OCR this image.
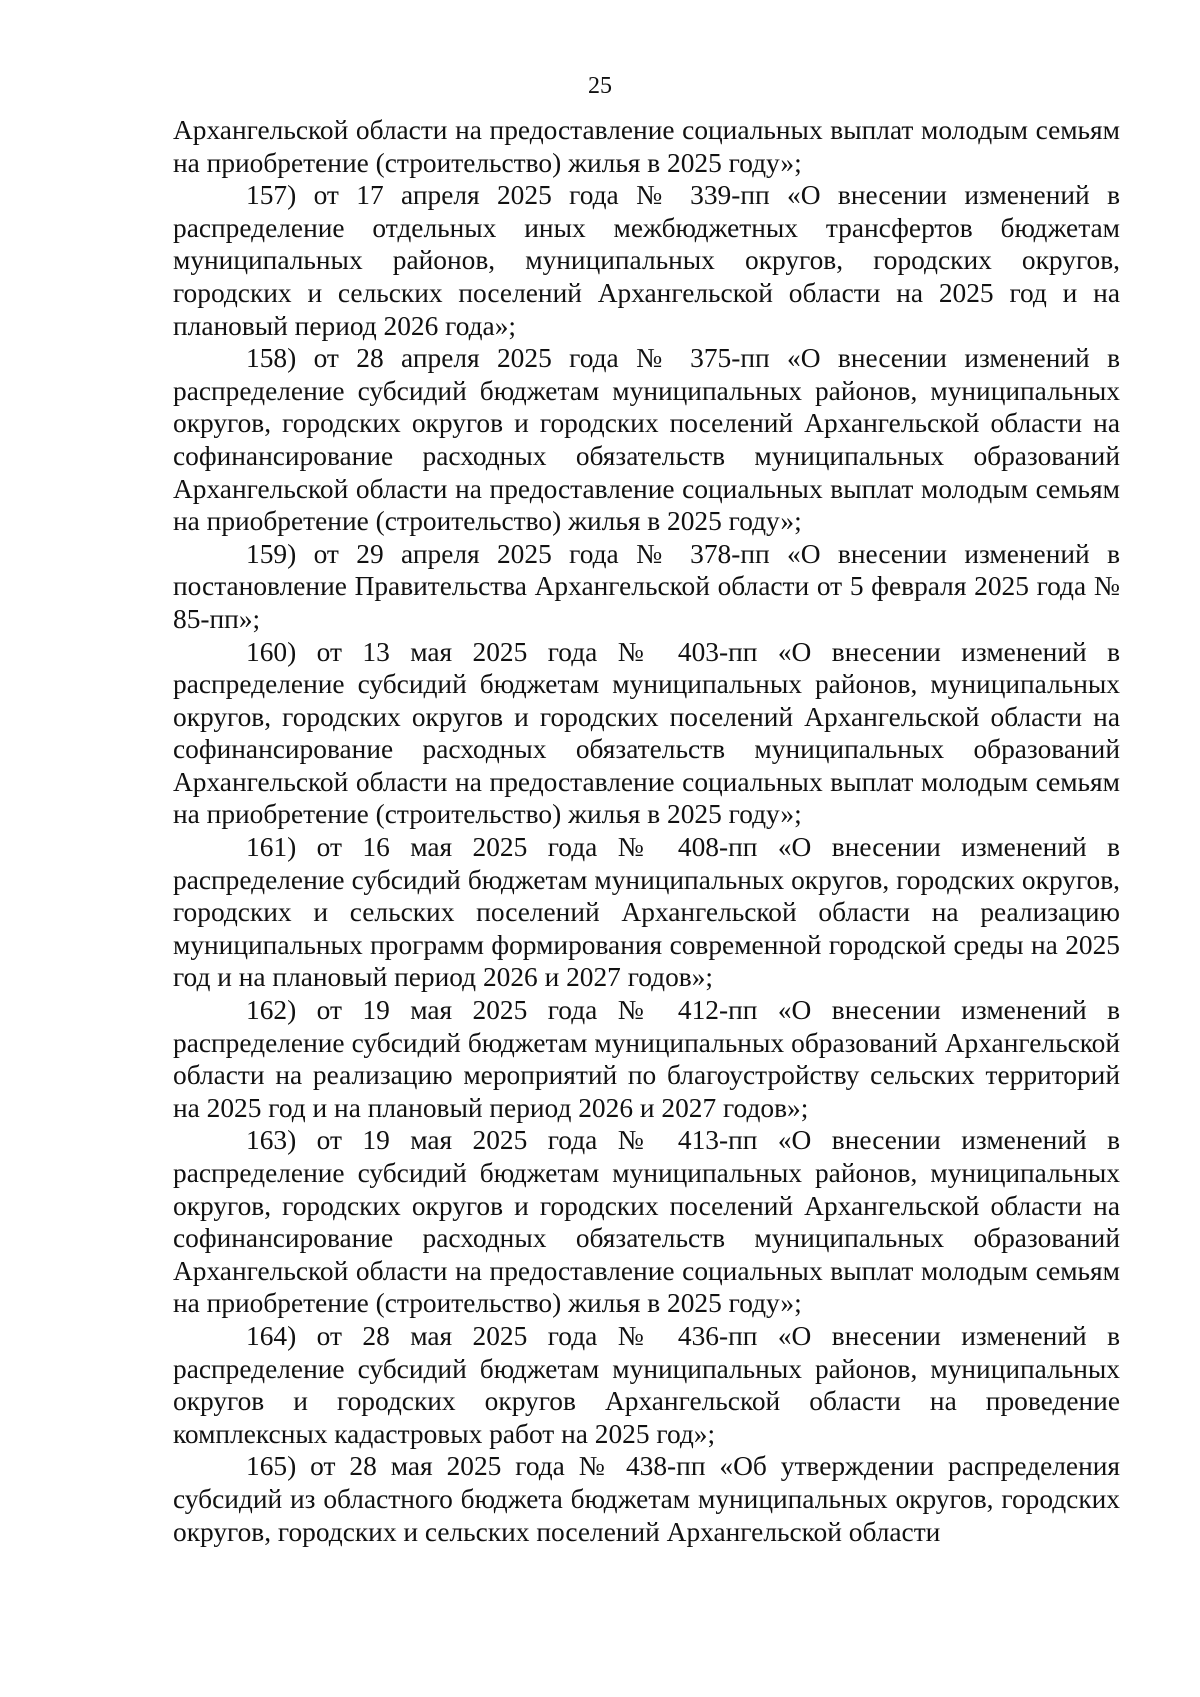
25

Архангельской области на предоставление социальных выплат молодым семьям на приобретение (строительство) жилья в 2025 году»;

157) от 17 апреля 2025 года № 339-пп «О внесении изменений в распределение отдельных иных межбюджетных трансфертов бюджетам муниципальных районов, муниципальных округов, городских округов, городских и сельских поселений Архангельской области на 2025 год и на плановый период 2026 года»;

158) от 28 апреля 2025 года № 375-пп «О внесении изменений в распределение субсидий бюджетам муниципальных районов, муниципальных округов, городских округов и городских поселений Архангельской области на софинансирование расходных обязательств муниципальных образований Архангельской области на предоставление социальных выплат молодым семьям на приобретение (строительство) жилья в 2025 году»;

159) от 29 апреля 2025 года № 378-пп «О внесении изменений в постановление Правительства Архангельской области от 5 февраля 2025 года № 85-пп»;

160) от 13 мая 2025 года № 403-пп «О внесении изменений в распределение субсидий бюджетам муниципальных районов, муниципальных округов, городских округов и городских поселений Архангельской области на софинансирование расходных обязательств муниципальных образований Архангельской области на предоставление социальных выплат молодым семьям на приобретение (строительство) жилья в 2025 году»;

161) от 16 мая 2025 года № 408-пп «О внесении изменений в распределение субсидий бюджетам муниципальных округов, городских округов, городских и сельских поселений Архангельской области на реализацию муниципальных программ формирования современной городской среды на 2025 год и на плановый период 2026 и 2027 годов»;

162) от 19 мая 2025 года № 412-пп «О внесении изменений в распределение субсидий бюджетам муниципальных образований Архангельской области на реализацию мероприятий по благоустройству сельских территорий на 2025 год и на плановый период 2026 и 2027 годов»;

163) от 19 мая 2025 года № 413-пп «О внесении изменений в распределение субсидий бюджетам муниципальных районов, муниципальных округов, городских округов и городских поселений Архангельской области на софинансирование расходных обязательств муниципальных образований Архангельской области на предоставление социальных выплат молодым семьям на приобретение (строительство) жилья в 2025 году»;

164) от 28 мая 2025 года № 436-пп «О внесении изменений в распределение субсидий бюджетам муниципальных районов, муниципальных округов и городских округов Архангельской области на проведение комплексных кадастровых работ на 2025 год»;

165) от 28 мая 2025 года № 438-пп «Об утверждении распределения субсидий из областного бюджета бюджетам муниципальных округов, городских округов, городских и сельских поселений Архангельской области
